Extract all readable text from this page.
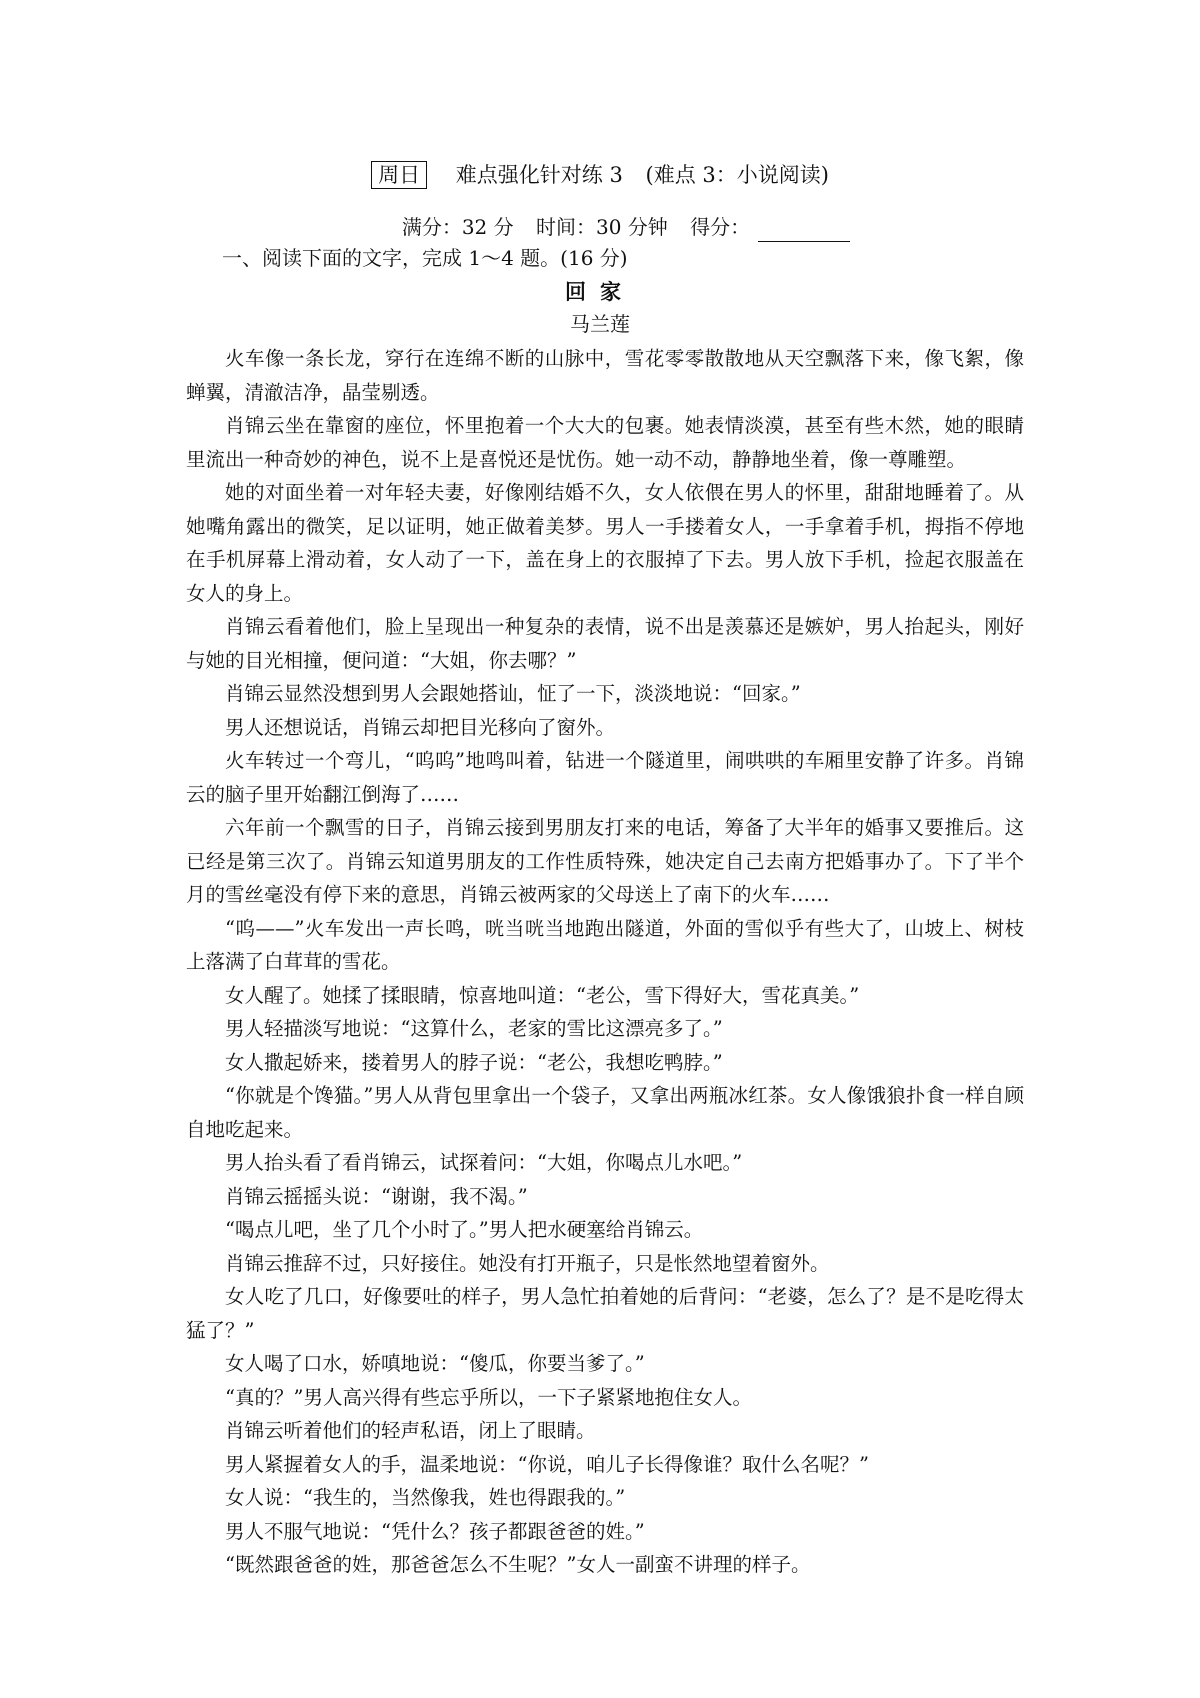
周日 难点强化针对练 3 (难点 3：小说阅读)
满分：32 分 时间：30 分钟 得分：
一、阅读下面的文字，完成 1～4 题。(16 分)
回家
马兰莲

火车像一条长龙，穿行在连绵不断的山脉中，雪花零零散散地从天空飘落下来，像飞絮，像蝉翼，清澈洁净，晶莹剔透。

肖锦云坐在靠窗的座位，怀里抱着一个大大的包裹。她表情淡漠，甚至有些木然，她的眼睛里流出一种奇妙的神色，说不上是喜悦还是忧伤。她一动不动，静静地坐着，像一尊雕塑。

她的对面坐着一对年轻夫妻，好像刚结婚不久，女人依偎在男人的怀里，甜甜地睡着了。从她嘴角露出的微笑，足以证明，她正做着美梦。男人一手搂着女人，一手拿着手机，拇指不停地在手机屏幕上滑动着，女人动了一下，盖在身上的衣服掉了下去。男人放下手机，捡起衣服盖在女人的身上。

肖锦云看着他们，脸上呈现出一种复杂的表情，说不出是羡慕还是嫉妒，男人抬起头，刚好与她的目光相撞，便问道：“大姐，你去哪？”

肖锦云显然没想到男人会跟她搭讪，怔了一下，淡淡地说：“回家。”

男人还想说话，肖锦云却把目光移向了窗外。

火车转过一个弯儿，“呜呜”地鸣叫着，钻进一个隧道里，闹哄哄的车厢里安静了许多。肖锦云的脑子里开始翻江倒海了……

六年前一个飘雪的日子，肖锦云接到男朋友打来的电话，筹备了大半年的婚事又要推后。这已经是第三次了。肖锦云知道男朋友的工作性质特殊，她决定自己去南方把婚事办了。下了半个月的雪丝毫没有停下来的意思，肖锦云被两家的父母送上了南下的火车……

“呜——”火车发出一声长鸣，咣当咣当地跑出隧道，外面的雪似乎有些大了，山坡上、树枝上落满了白茸茸的雪花。

女人醒了。她揉了揉眼睛，惊喜地叫道：“老公，雪下得好大，雪花真美。”

男人轻描淡写地说：“这算什么，老家的雪比这漂亮多了。”

女人撒起娇来，搂着男人的脖子说：“老公，我想吃鸭脖。”

“你就是个馋猫。”男人从背包里拿出一个袋子，又拿出两瓶冰红茶。女人像饿狼扑食一样自顾自地吃起来。

男人抬头看了看肖锦云，试探着问：“大姐，你喝点儿水吧。”

肖锦云摇摇头说：“谢谢，我不渴。”

“喝点儿吧，坐了几个小时了。”男人把水硬塞给肖锦云。

肖锦云推辞不过，只好接住。她没有打开瓶子，只是怅然地望着窗外。

女人吃了几口，好像要吐的样子，男人急忙拍着她的后背问：“老婆，怎么了？是不是吃得太猛了？”

女人喝了口水，娇嗔地说：“傻瓜，你要当爹了。”

“真的？”男人高兴得有些忘乎所以，一下子紧紧地抱住女人。

肖锦云听着他们的轻声私语，闭上了眼睛。

男人紧握着女人的手，温柔地说：“你说，咱儿子长得像谁？取什么名呢？”

女人说：“我生的，当然像我，姓也得跟我的。”

男人不服气地说：“凭什么？孩子都跟爸爸的姓。”

“既然跟爸爸的姓，那爸爸怎么不生呢？”女人一副蛮不讲理的样子。
